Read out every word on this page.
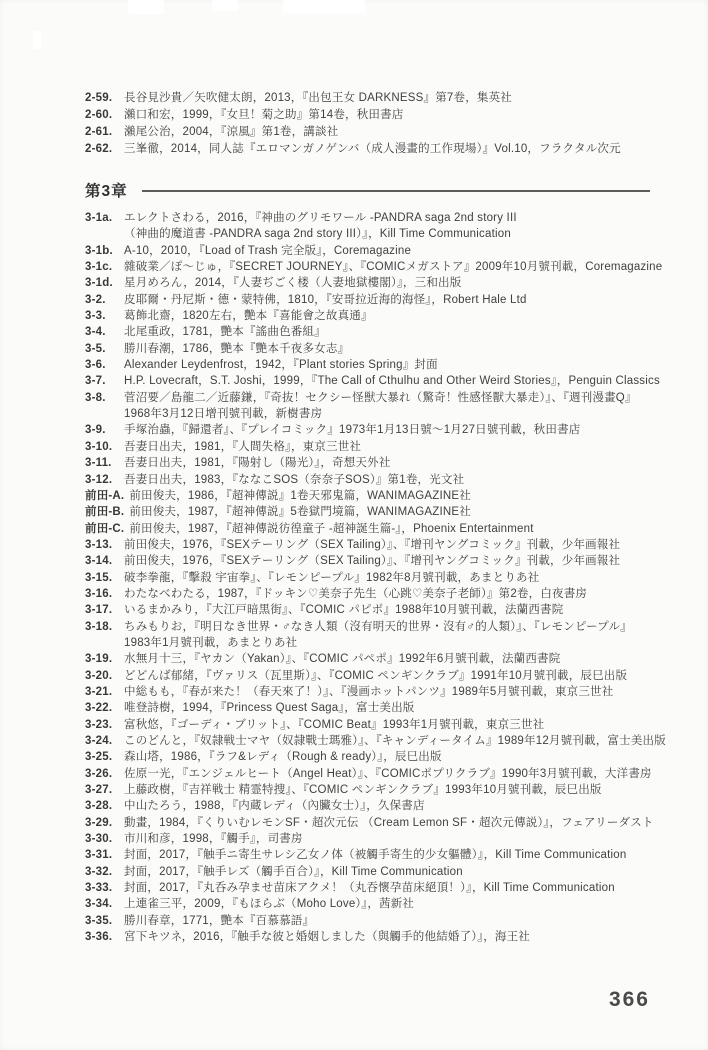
2-59. 長谷見沙貴／矢吹健太朗，2013，『出包王女 DARKNESS』第7卷，集英社
2-60. 瀨口和宏，1999，『女旦！菊之助』第14卷，秋田書店
2-61. 瀨尾公治，2004，『涼風』第1卷，講談社
2-62. 三峯徹，2014，同人誌『エロマンガノゲンバ（成人漫畫的工作現場）』Vol.10，フラクタル次元
第3章
3-1a. エレクトさわる，2016，『神曲のグリモワール -PANDRA saga 2nd story III
（神曲的魔道書 -PANDRA saga 2nd story III）』，Kill Time Communication
3-1b. A-10，2010，『Load of Trash 完全版』，Coremagazine
3-1c. 雜破業／ぽ〜じゅ，『SECRET JOURNEY』、『COMICメガストア』2009年10月號刊載，Coremagazine
3-1d. 星月めろん，2014，『人妻ぢごく楼（人妻地獄樓閣）』，三和出版
3-2. 皮耶爾・丹尼斯・德・蒙特佛，1810，『安哥拉近海的海怪』，Robert Hale Ltd
3-3. 葛飾北齋，1820左右，艷本『喜能會之故真通』
3-4. 北尾重政，1781，艷本『謠曲色番組』
3-5. 勝川春潮，1786，艷本『艷本千夜多女志』
3-6. Alexander Leydenfrost，1942，『Plant stories Spring』封面
3-7. H.P. Lovecraft，S.T. Joshi，1999，『The Call of Cthulhu and Other Weird Stories』，Penguin Classics
3-8. 菅沼要／島龍二／近藤鎌，『奇抜！セクシー怪獣大暴れ（驚奇！性感怪獸大暴走）』、『週刊漫畫Q』
1968年3月12日增刊號刊載，新樹書房
3-9. 手塚治蟲，『歸還者』、『プレイコミック』1973年1月13日號〜1月27日號刊載，秋田書店
3-10. 吾妻日出夫，1981，『人間失格』，東京三世社
3-11. 吾妻日出夫，1981，『陽射し（陽光）』，奇想天外社
3-12. 吾妻日出夫，1983，『ななこSOS（奈奈子SOS）』第1卷，光文社
前田-A. 前田俊夫，1986，『超神傳説』1卷天邪鬼篇，WANIMAGAZINE社
前田-B. 前田俊夫，1987，『超神傳説』5卷獄門境篇，WANIMAGAZINE社
前田-C. 前田俊夫，1987，『超神傳説彷徨童子 -超神誕生篇-』，Phoenix Entertainment
3-13. 前田俊夫，1976，『SEXテーリング（SEX Tailing）』、『增刊ヤングコミック』刊載，少年画報社
3-14. 前田俊夫，1976，『SEXテーリング（SEX Tailing）』、『增刊ヤングコミック』刊載，少年画報社
3-15. 破李拳龍，『擊殺 宇宙拳』、『レモンピープル』1982年8月號刊載，あまとりあ社
3-16. わたなべわたる，1987，『ドッキン♡美奈子先生（心跳♡美奈子老師）』第2卷，白夜書房
3-17. いるまかみり，『大江戸暗黒街』、『COMIC パピポ』1988年10月號刊載，法蘭西書院
3-18. ちみもりお，『明日なき世界・♂なき人類（沒有明天的世界・沒有♂的人類）』、『レモンピープル』
1983年1月號刊載，あまとりあ社
3-19. 水無月十三，『ヤカン（Yakan）』、『COMIC パペポ』1992年6月號刊載，法蘭西書院
3-20. どどんば郁緒，『ヴァリス（瓦里斯）』、『COMIC ペンギンクラブ』1991年10月號刊載，辰巳出版
3-21. 中総もも，『春が来た！（春天來了！）』、『漫画ホットパンツ』1989年5月號刊載，東京三世社
3-22. 唯登詩樹，1994，『Princess Quest Saga』，富士美出版
3-23. 富秋悠，『ゴーディ・ブリット』、『COMIC Beat』1993年1月號刊載，東京三世社
3-24. このどんと，『奴隷戦士マヤ（奴隷戰士瑪雅）』、『キャンディータイム』1989年12月號刊載，富士美出版
3-25. 森山塔，1986，『ラフ&レディ（Rough & ready）』，辰巳出版
3-26. 佐原一光，『エンジェルヒート（Angel Heat）』、『COMICポプリクラブ』1990年3月號刊載，大洋書房
3-27. 上藤政樹，『吉祥戦士 精霊特捜』、『COMIC ペンギンクラブ』1993年10月號刊載，辰巳出版
3-28. 中山たろう，1988，『内蔵レディ（內臟女士）』，久保書店
3-29. 動畫，1984，『くりいむレモンSF・超次元伝 （Cream Lemon SF・超次元傳説）』，フェアリーダスト
3-30. 市川和彦，1998，『觸手』，司書房
3-31. 封面，2017，『触手ニ寄生サレシ乙女ノ体（被觸手寄生的少女軀體）』，Kill Time Communication
3-32. 封面，2017，『触手レズ（觸手百合）』，Kill Time Communication
3-33. 封面，2017，『丸呑み孕ませ苗床アクメ！（丸吞懷孕苗床絕頂！）』，Kill Time Communication
3-34. 上連雀三平，2009，『もほらぶ（Moho Love）』，茜新社
3-35. 勝川春章，1771，艷本『百慕慕語』
3-36. 宮下キツネ，2016，『触手な彼と婚姻しました（與觸手的他結婚了）』，海王社
366
